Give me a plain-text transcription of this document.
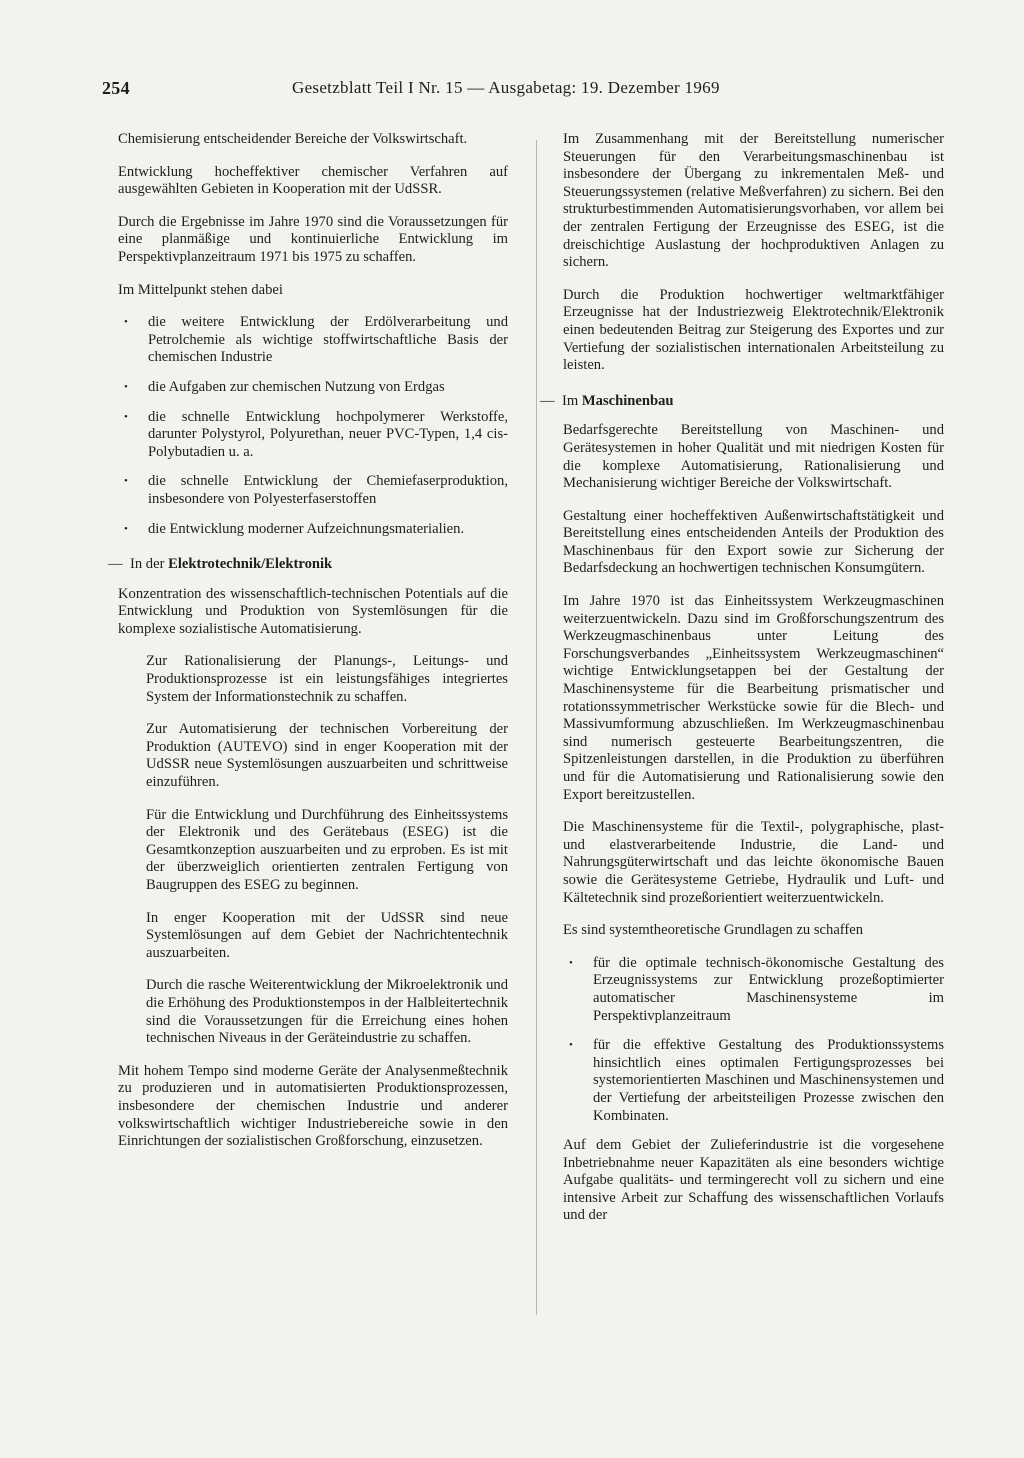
254	Gesetzblatt Teil I Nr. 15 — Ausgabetag: 19. Dezember 1969

Chemisierung entscheidender Bereiche der Volkswirtschaft.

Entwicklung hocheffektiver chemischer Verfahren auf ausgewählten Gebieten in Kooperation mit der UdSSR.

Durch die Ergebnisse im Jahre 1970 sind die Voraussetzungen für eine planmäßige und kontinuierliche Entwicklung im Perspektivplanzeitraum 1971 bis 1975 zu schaffen.

Im Mittelpunkt stehen dabei

• die weitere Entwicklung der Erdölverarbeitung und Petrolchemie als wichtige stoffwirtschaftliche Basis der chemischen Industrie
• die Aufgaben zur chemischen Nutzung von Erdgas
• die schnelle Entwicklung hochpolymerer Werkstoffe, darunter Polystyrol, Polyurethan, neuer PVC-Typen, 1,4 cis-Polybutadien u. a.
• die schnelle Entwicklung der Chemiefaserproduktion, insbesondere von Polyesterfaserstoffen
• die Entwicklung moderner Aufzeichnungsmaterialien.
— In der Elektrotechnik/Elektronik

Konzentration des wissenschaftlich-technischen Potentials auf die Entwicklung und Produktion von Systemlösungen für die komplexe sozialistische Automatisierung.

Zur Rationalisierung der Planungs-, Leitungs- und Produktionsprozesse ist ein leistungsfähiges integriertes System der Informationstechnik zu schaffen.

Zur Automatisierung der technischen Vorbereitung der Produktion (AUTEVO) sind in enger Kooperation mit der UdSSR neue Systemlösungen auszuarbeiten und schrittweise einzuführen.

Für die Entwicklung und Durchführung des Einheitssystems der Elektronik und des Gerätebaus (ESEG) ist die Gesamtkonzeption auszuarbeiten und zu erproben. Es ist mit der überzweiglich orientierten zentralen Fertigung von Baugruppen des ESEG zu beginnen.

In enger Kooperation mit der UdSSR sind neue Systemlösungen auf dem Gebiet der Nachrichtentechnik auszuarbeiten.

Durch die rasche Weiterentwicklung der Mikroelektronik und die Erhöhung des Produktionstempos in der Halbleitertechnik sind die Voraussetzungen für die Erreichung eines hohen technischen Niveaus in der Geräteindustrie zu schaffen.

Mit hohem Tempo sind moderne Geräte der Analysenmeßtechnik zu produzieren und in automatisierten Produktionsprozessen, insbesondere der chemischen Industrie und anderer volkswirtschaftlich wichtiger Industriebereiche sowie in den Einrichtungen der sozialistischen Großforschung, einzusetzen.

Im Zusammenhang mit der Bereitstellung numerischer Steuerungen für den Verarbeitungsmaschinenbau ist insbesondere der Übergang zu inkrementalen Meß- und Steuerungssystemen (relative Meßverfahren) zu sichern. Bei den strukturbestimmenden Automatisierungsvorhaben, vor allem bei der zentralen Fertigung der Erzeugnisse des ESEG, ist die dreischichtige Auslastung der hochproduktiven Anlagen zu sichern.

Durch die Produktion hochwertiger weltmarktfähiger Erzeugnisse hat der Industriezweig Elektrotechnik/Elektronik einen bedeutenden Beitrag zur Steigerung des Exportes und zur Vertiefung der sozialistischen internationalen Arbeitsteilung zu leisten.

— Im Maschinenbau

Bedarfsgerechte Bereitstellung von Maschinen- und Gerätesystemen in hoher Qualität und mit niedrigen Kosten für die komplexe Automatisierung, Rationalisierung und Mechanisierung wichtiger Bereiche der Volkswirtschaft.

Gestaltung einer hocheffektiven Außenwirtschaftstätigkeit und Bereitstellung eines entscheidenden Anteils der Produktion des Maschinenbaus für den Export sowie zur Sicherung der Bedarfsdeckung an hochwertigen technischen Konsumgütern.

Im Jahre 1970 ist das Einheitssystem Werkzeugmaschinen weiterzuentwickeln. Dazu sind im Großforschungszentrum des Werkzeugmaschinenbaus unter Leitung des Forschungsverbandes „Einheitssystem Werkzeugmaschinen“ wichtige Entwicklungsetappen bei der Gestaltung der Maschinensysteme für die Bearbeitung prismatischer und rotationssymmetrischer Werkstücke sowie für die Blech- und Massivumformung abzuschließen. Im Werkzeugmaschinenbau sind numerisch gesteuerte Bearbeitungszentren, die Spitzenleistungen darstellen, in die Produktion zu überführen und für die Automatisierung und Rationalisierung sowie den Export bereitzustellen.

Die Maschinensysteme für die Textil-, polygraphische, plast- und elastverarbeitende Industrie, die Land- und Nahrungsgüterwirtschaft und das leichte ökonomische Bauen sowie die Gerätesysteme Getriebe, Hydraulik und Luft- und Kältetechnik sind prozeßorientiert weiterzuentwickeln.

Es sind systemtheoretische Grundlagen zu schaffen

• für die optimale technisch-ökonomische Gestaltung des Erzeugnissystems zur Entwicklung prozeßoptimierter automatischer Maschinensysteme im Perspektivplanzeitraum
• für die effektive Gestaltung des Produktionssystems hinsichtlich eines optimalen Fertigungsprozesses bei systemorientierten Maschinen und Maschinensystemen und der Vertiefung der arbeitsteiligen Prozesse zwischen den Kombinaten.

Auf dem Gebiet der Zulieferindustrie ist die vorgesehene Inbetriebnahme neuer Kapazitäten als eine besonders wichtige Aufgabe qualitäts- und termingerecht voll zu sichern und eine intensive Arbeit zur Schaffung des wissenschaftlichen Vorlaufs und der
